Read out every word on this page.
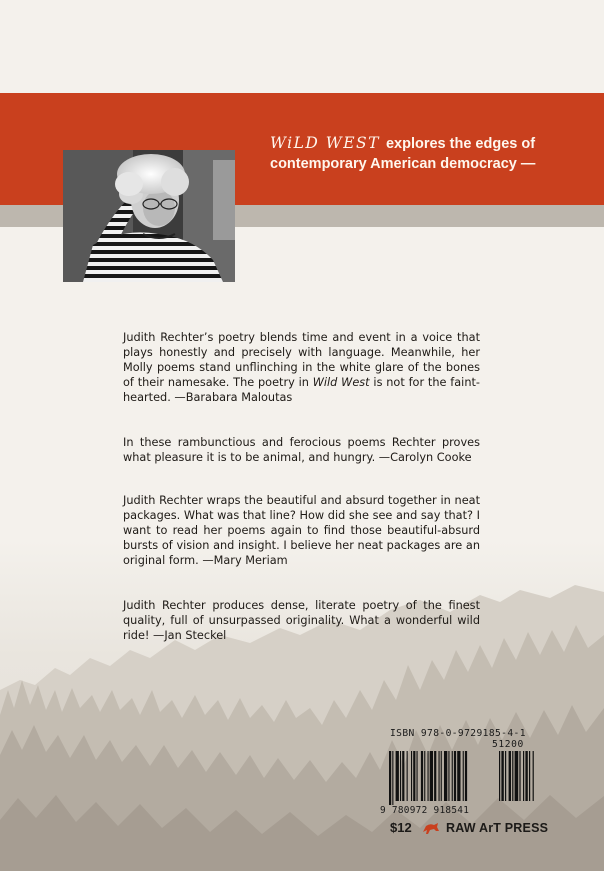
WiLD WEST explores the edges of contemporary American democracy —
Judith Rechter’s poetry blends time and event in a voice that plays honestly and precisely with language. Meanwhile, her Molly poems stand unflinching in the white glare of the bones of their namesake. The poetry in Wild West is not for the faint-hearted. —Barabara Maloutas
In these rambunctious and ferocious poems Rechter proves what pleasure it is to be animal, and hungry. —Carolyn Cooke
Judith Rechter wraps the beautiful and absurd together in neat packages. What was that line? How did she see and say that? I want to read her poems again to find those beautiful-absurd bursts of vision and insight. I believe her neat packages are an original form. —Mary Meriam
Judith Rechter produces dense, literate poetry of the finest quality, full of unsurpassed originality. What a wonderful wild ride! —Jan Steckel
ISBN 978-0-9729185-4-1
51200
9 780972 918541
$12	RAW ArT PRESS
